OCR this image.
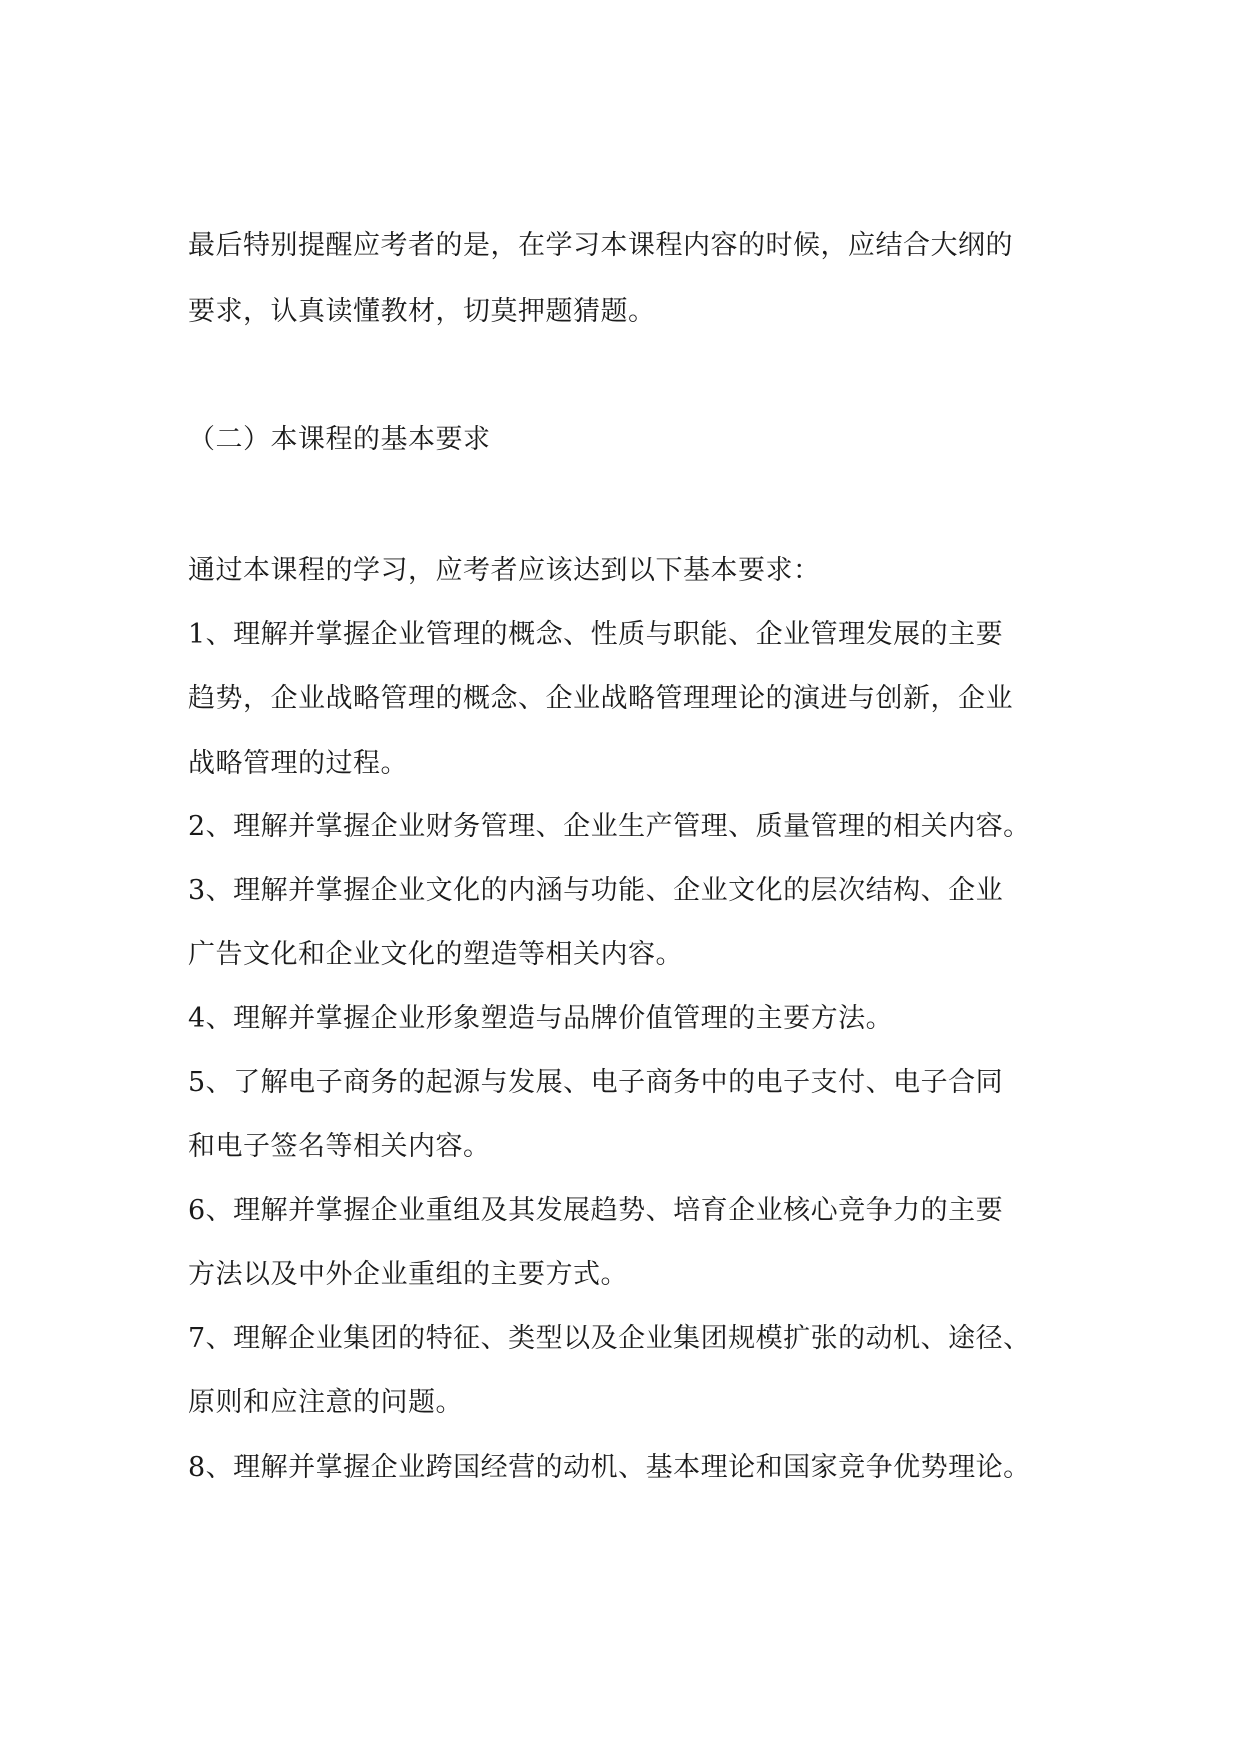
最后特别提醒应考者的是，在学习本课程内容的时候，应结合大纲的
要求，认真读懂教材，切莫押题猜题。
（二）本课程的基本要求
通过本课程的学习，应考者应该达到以下基本要求：
1、理解并掌握企业管理的概念、性质与职能、企业管理发展的主要
趋势，企业战略管理的概念、企业战略管理理论的演进与创新，企业
战略管理的过程。
2、理解并掌握企业财务管理、企业生产管理、质量管理的相关内容。
3、理解并掌握企业文化的内涵与功能、企业文化的层次结构、企业
广告文化和企业文化的塑造等相关内容。
4、理解并掌握企业形象塑造与品牌价值管理的主要方法。
5、了解电子商务的起源与发展、电子商务中的电子支付、电子合同
和电子签名等相关内容。
6、理解并掌握企业重组及其发展趋势、培育企业核心竞争力的主要
方法以及中外企业重组的主要方式。
7、理解企业集团的特征、类型以及企业集团规模扩张的动机、途径、
原则和应注意的问题。
8、理解并掌握企业跨国经营的动机、基本理论和国家竞争优势理论。
